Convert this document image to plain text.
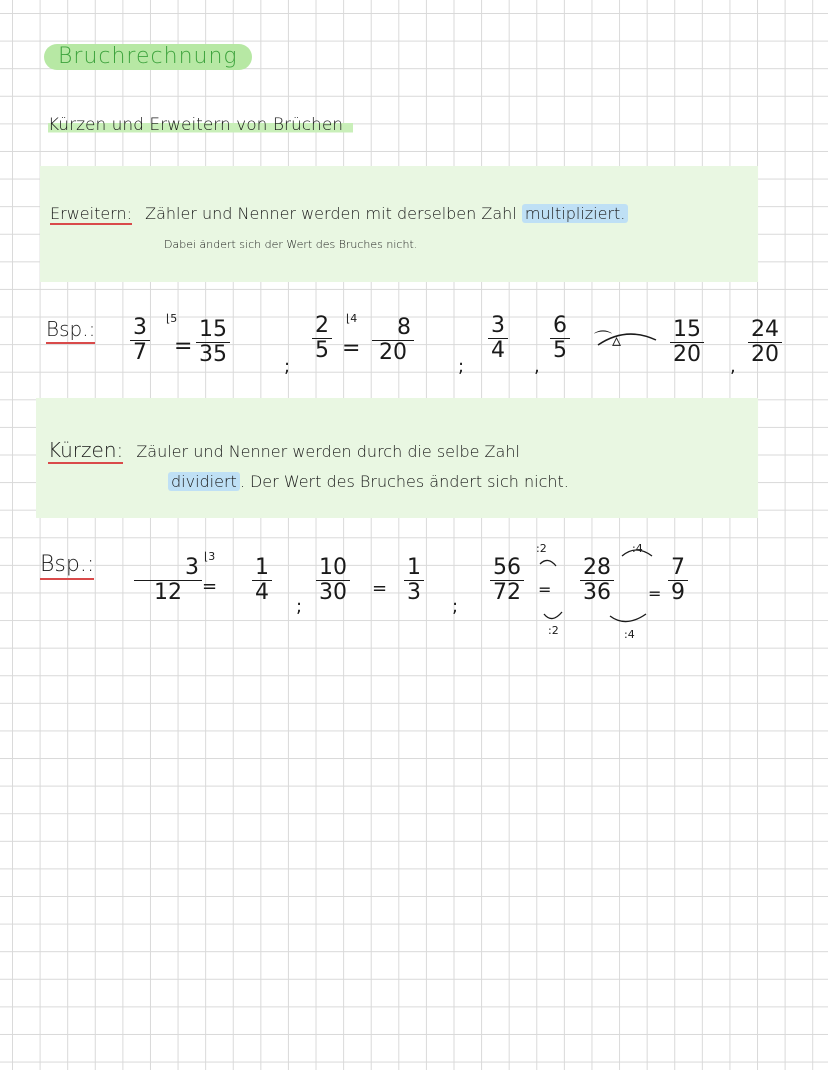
Bruchrechnung
Kürzen und Erweitern von Brüchen
Erweitern: Zähler und Nenner werden mit derselben Zahl multipliziert.
Dabei ändert sich der Wert des Bruches nicht.
Bsp.: $\frac{3}{7}$ ⌊5
= $\frac{15}{35}$	;
$\frac{2}{5}$ ⌊4
= $\frac{8}{20}$
;
$\frac{3}{4}$
,
$\frac{6}{5}$ ⌒▵ $\frac{15}{20}$ , $\frac{24}{20}$
Kürzen: Zäuler und Nenner werden durch die selbe Zahl
dividiert . Der Wert des Bruches ändert sich nicht.
Bsp.: $\frac{3}{12}$ ⌊3
= $\frac{1}{4}$
;
$\frac{10}{30} = \frac{1}{3}$
;
$\frac{56}{72}$
:2
=
:2
$\frac{28}{36}$
:4
=
:4
$\frac{7}{9}$
